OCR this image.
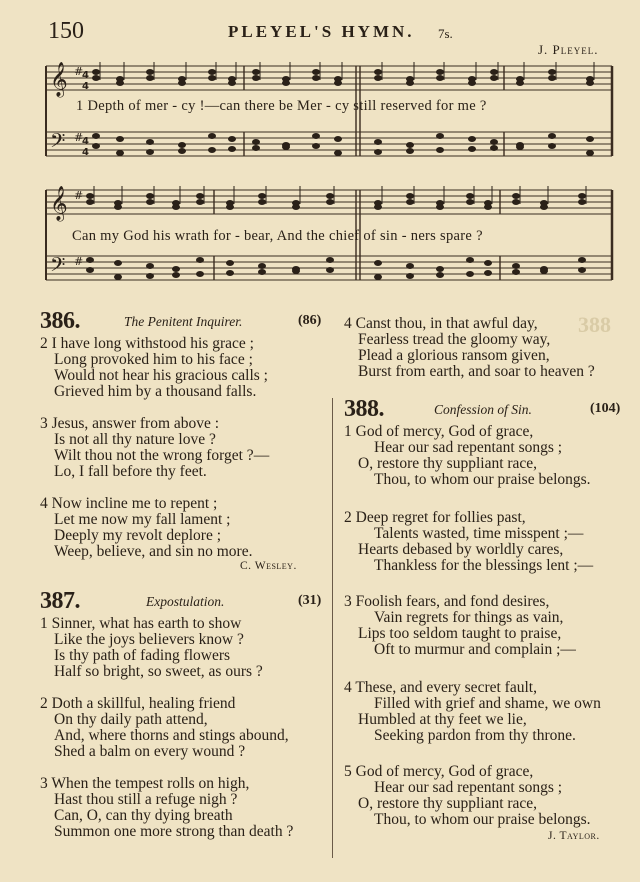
150	PLEYEL'S HYMN. 7s.
J. Pleyel.
𝄞
𝄢
𝄞
𝄢
#
#
#
#
4
4
4
4
1 Depth of mer - cy !—can there be Mer - cy still reserved for me ?
Can my God his wrath for - bear, And the chief of sin - ners spare ?
386.	The Penitent Inquirer.	(86)
2 I have long withstood his grace ;
Long provoked him to his face ;
Would not hear his gracious calls ;
Grieved him by a thousand falls.
3 Jesus, answer from above :
Is not all thy nature love ?
Wilt thou not the wrong forget ?—
Lo, I fall before thy feet.
4 Now incline me to repent ;
Let me now my fall lament ;
Deeply my revolt deplore ;
Weep, believe, and sin no more.
C. Wesley.
387.	Expostulation.	(31)
1 Sinner, what has earth to show
Like the joys believers know ?
Is thy path of fading flowers
Half so bright, so sweet, as ours ?
2 Doth a skillful, healing friend
On thy daily path attend,
And, where thorns and stings abound,
Shed a balm on every wound ?
3 When the tempest rolls on high,
Hast thou still a refuge nigh ?
Can, O, can thy dying breath
Summon one more strong than death ?
388
4 Canst thou, in that awful day,
Fearless tread the gloomy way,
Plead a glorious ransom given,
Burst from earth, and soar to heaven ?
388.	Confession of Sin.	(104)
1 God of mercy, God of grace,
Hear our sad repentant songs ;
O, restore thy suppliant race,
Thou, to whom our praise belongs.
2 Deep regret for follies past,
Talents wasted, time misspent ;—
Hearts debased by worldly cares,
Thankless for the blessings lent ;—
3 Foolish fears, and fond desires,
Vain regrets for things as vain,
Lips too seldom taught to praise,
Oft to murmur and complain ;—
4 These, and every secret fault,
Filled with grief and shame, we own
Humbled at thy feet we lie,
Seeking pardon from thy throne.
5 God of mercy, God of grace,
Hear our sad repentant songs ;
O, restore thy suppliant race,
Thou, to whom our praise belongs.
J. Taylor.
